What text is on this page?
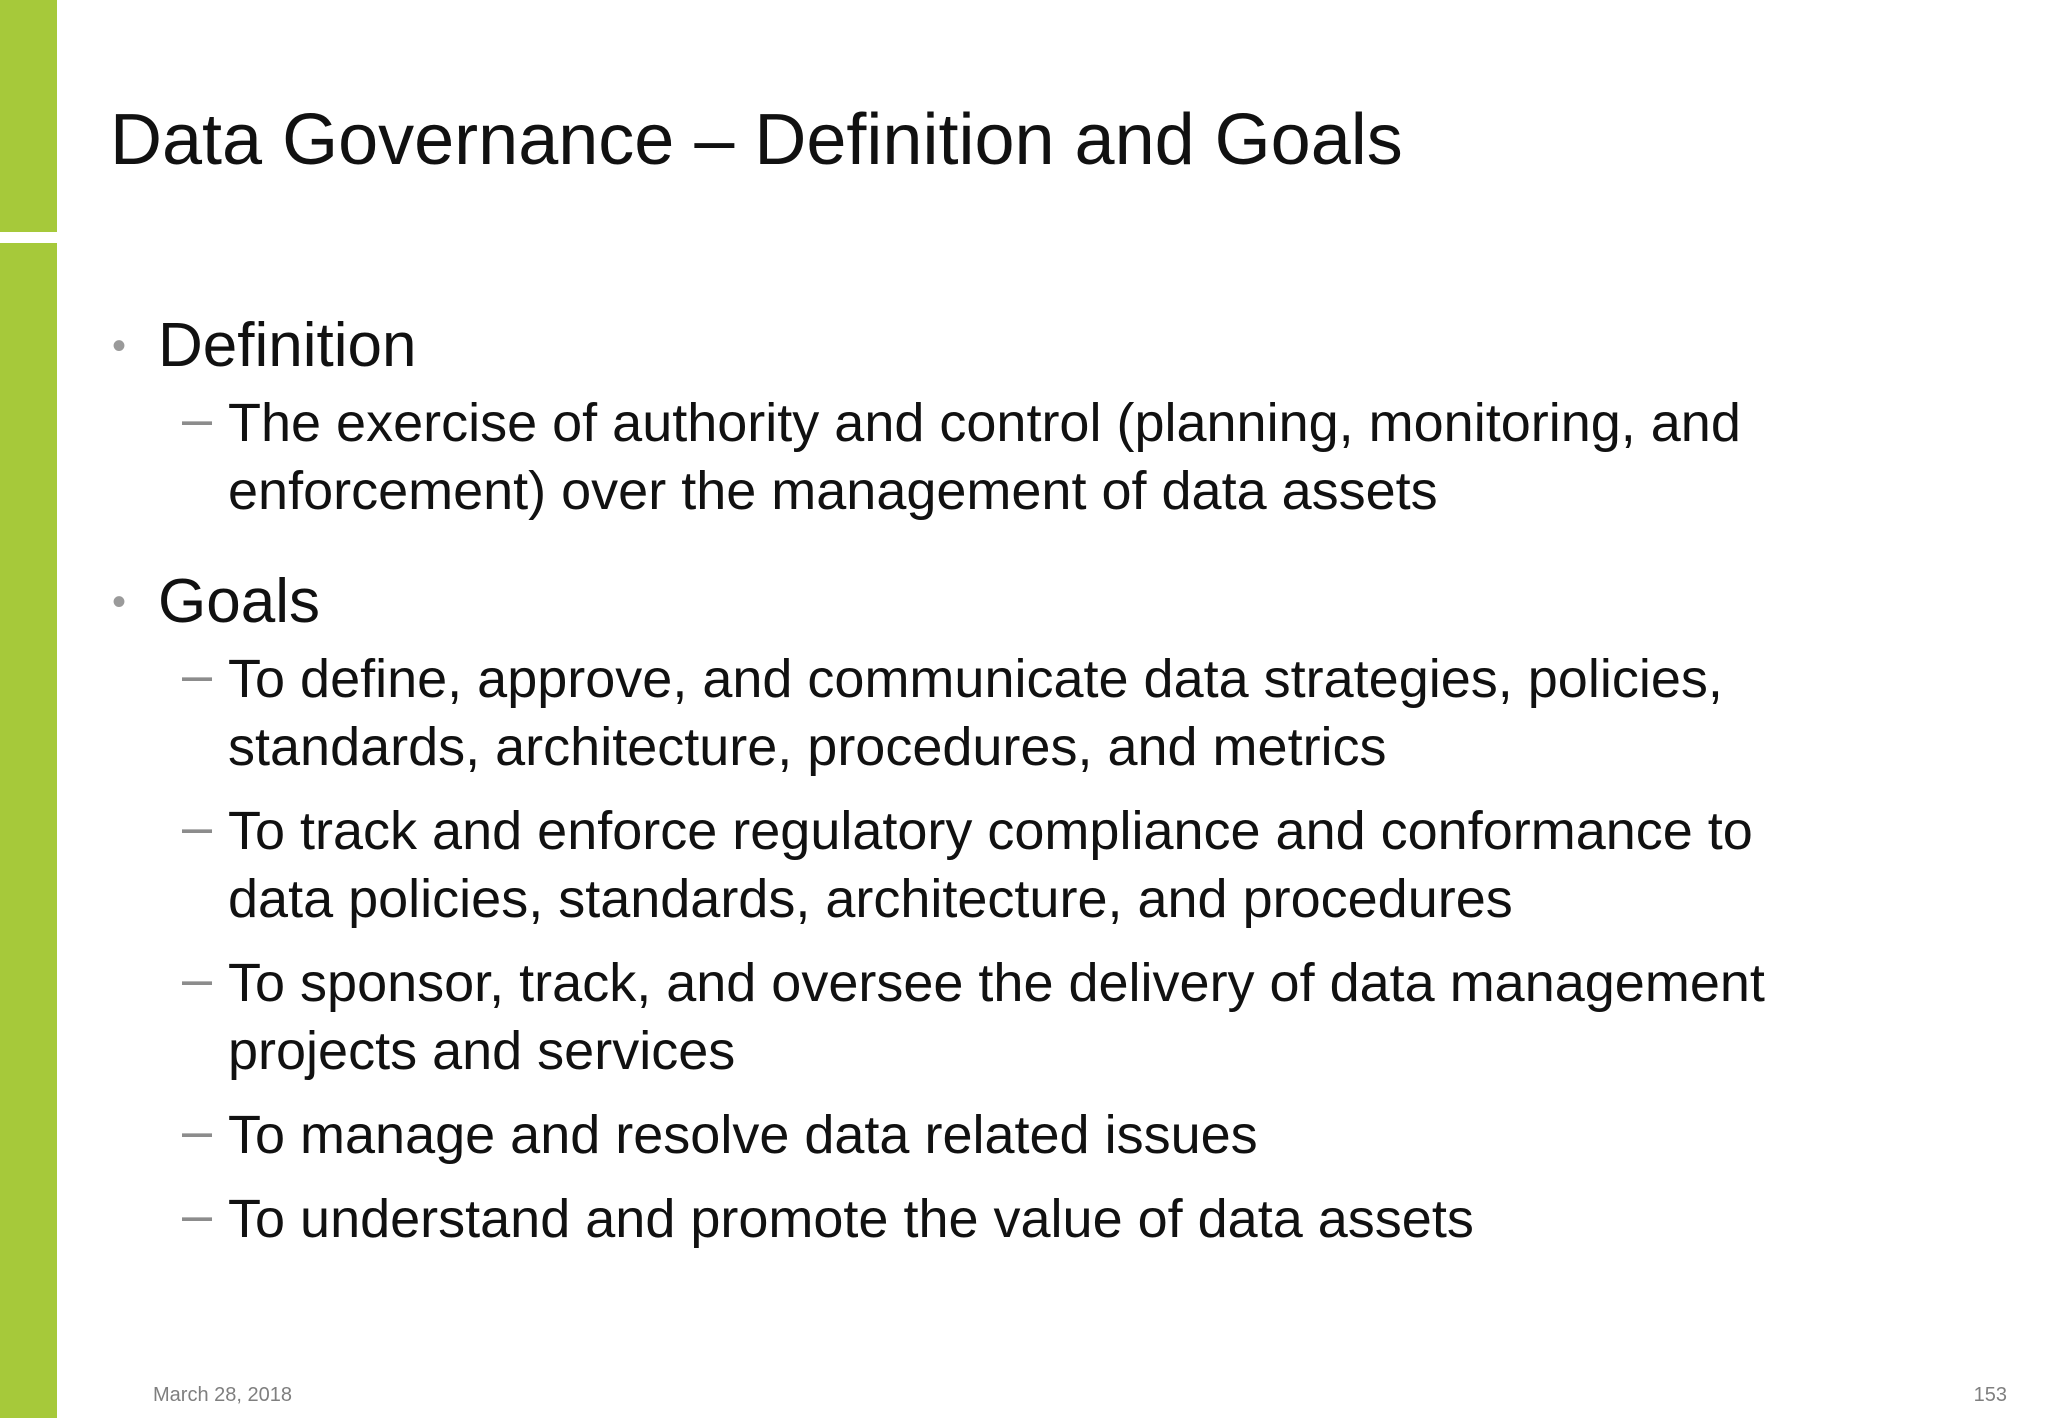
Data Governance – Definition and Goals
• Definition
– The exercise of authority and control (planning, monitoring, and
enforcement) over the management of data assets
• Goals
– To define, approve, and communicate data strategies, policies,
standards, architecture, procedures, and metrics
– To track and enforce regulatory compliance and conformance to
data policies, standards, architecture, and procedures
– To sponsor, track, and oversee the delivery of data management
projects and services
– To manage and resolve data related issues
– To understand and promote the value of data assets
March 28, 2018	153
